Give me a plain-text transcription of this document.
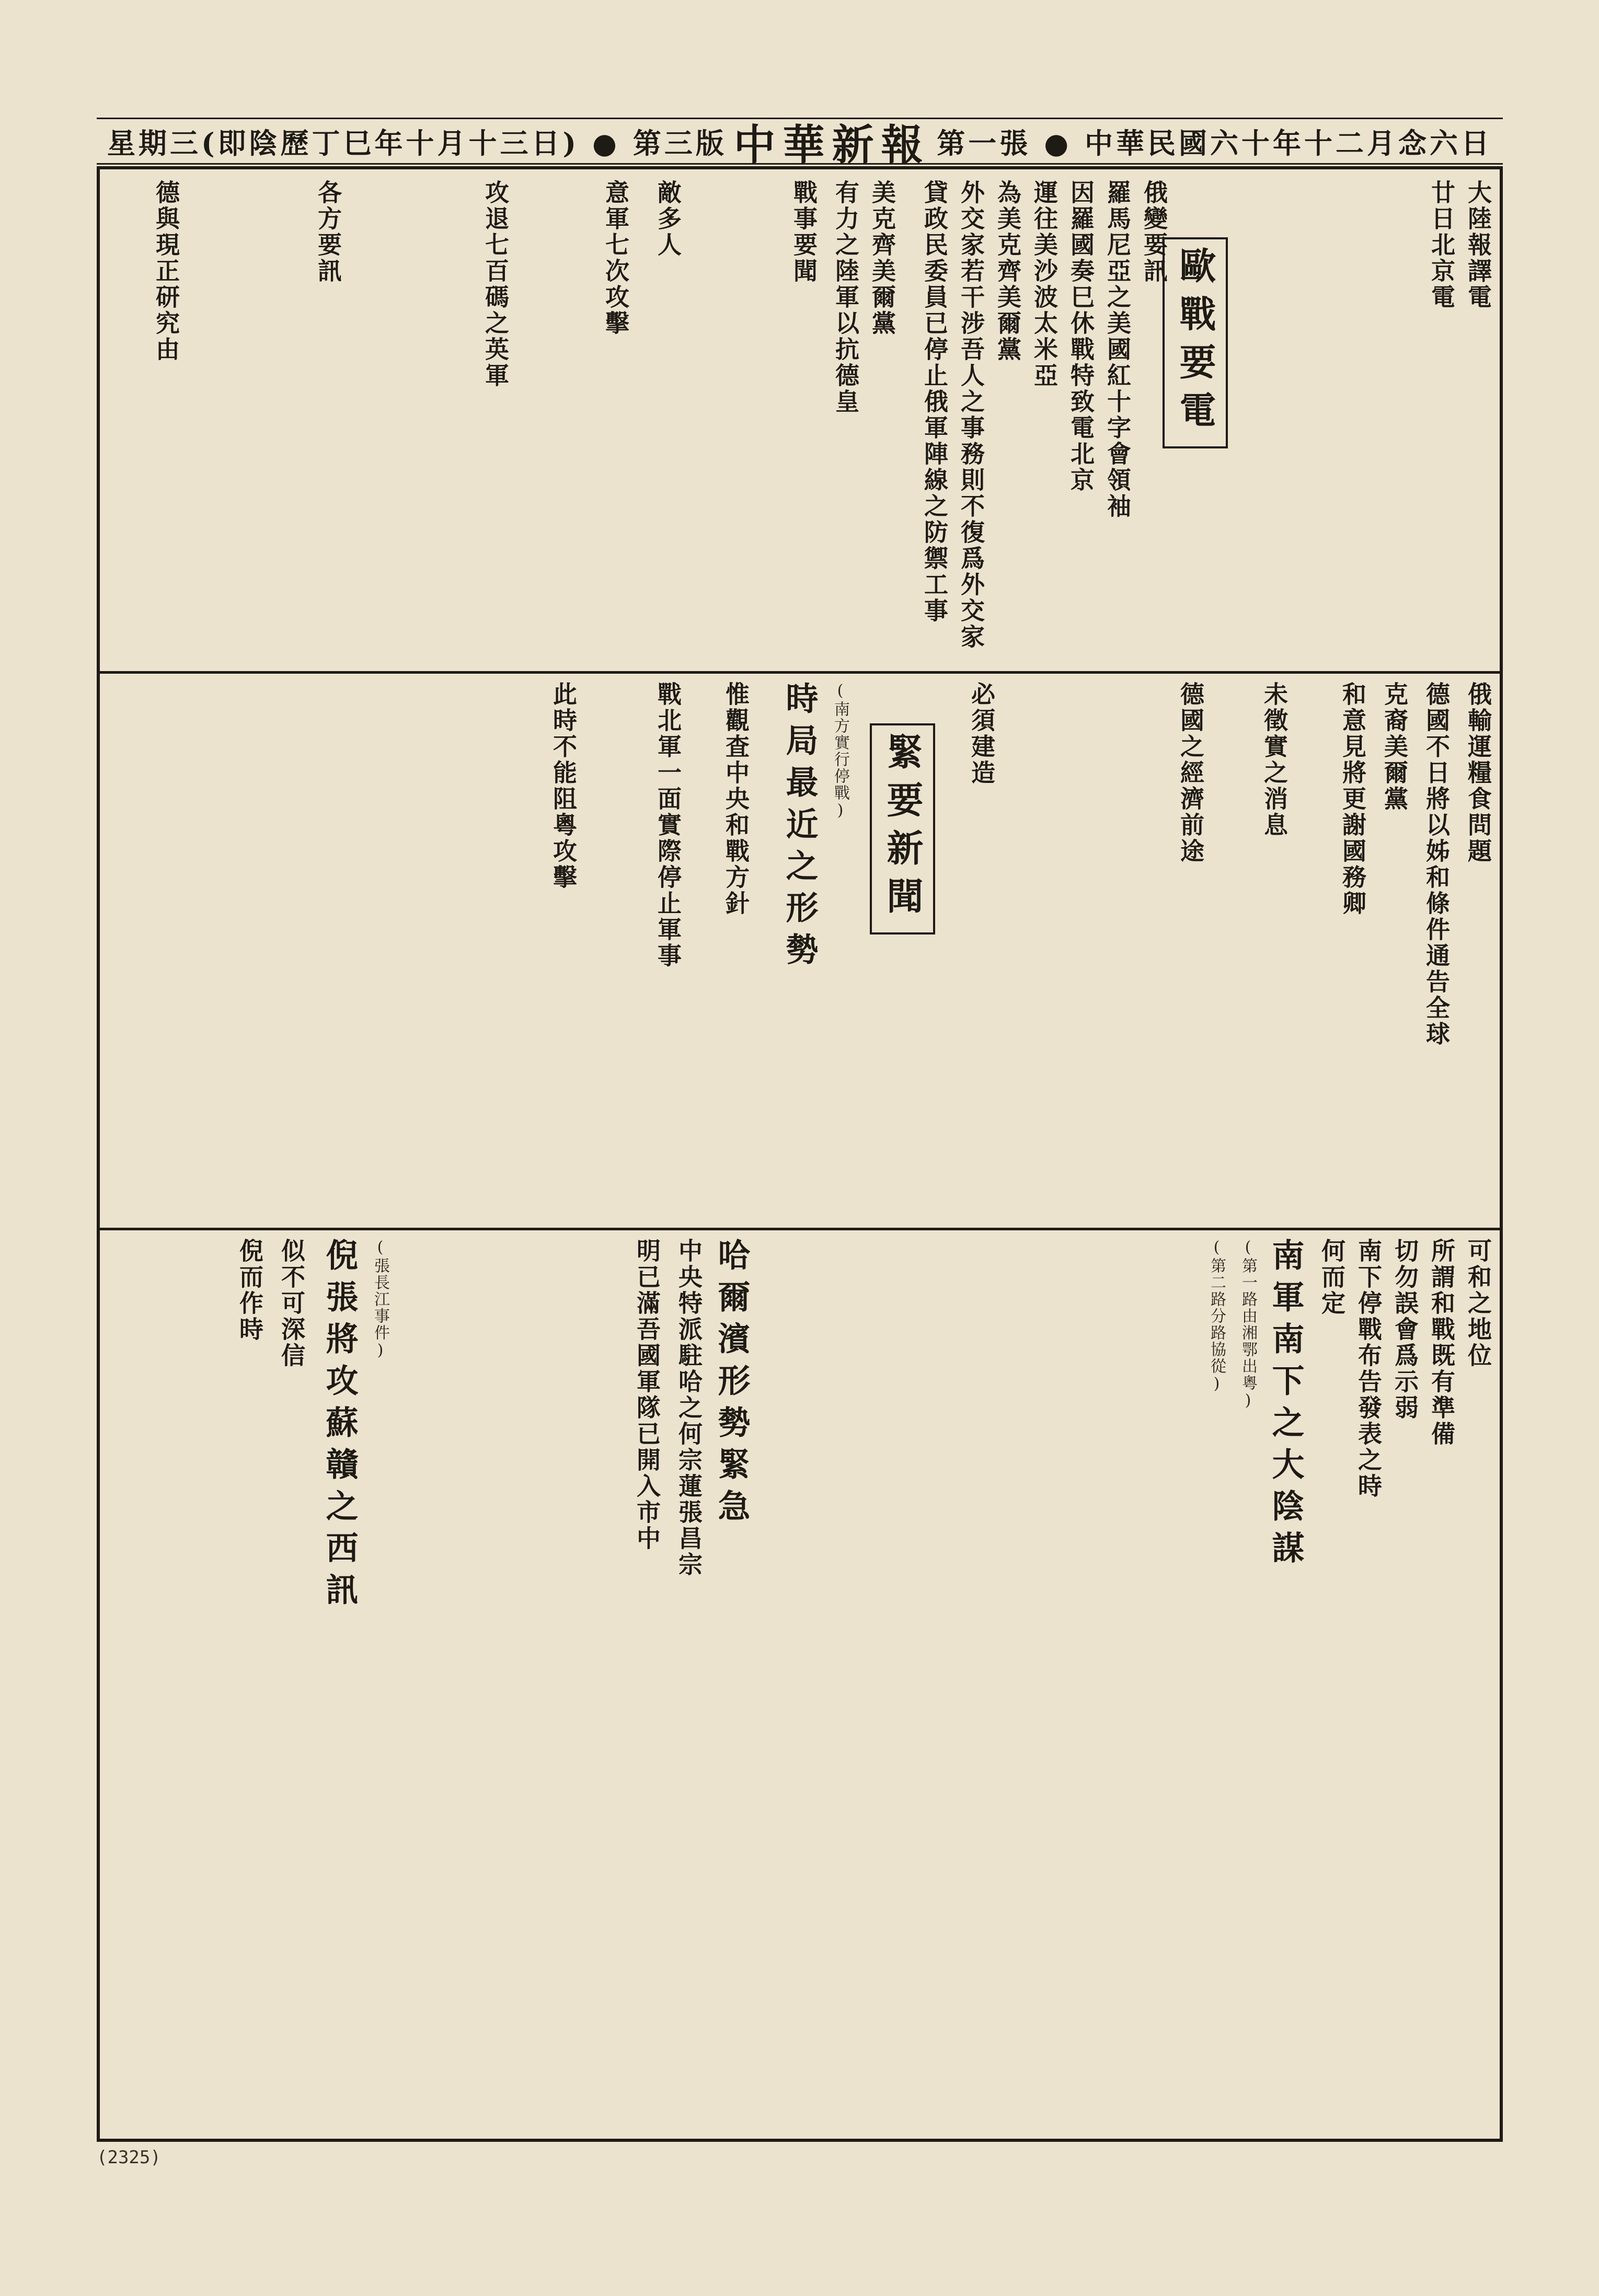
星期三(即陰歷丁巳年十月十三日) ● 第三版 中華新報 第一張 ● 中華民國六十年十二月念六日
大陸報譯電
廿日北京電
歐戰要電
俄變要訊
羅馬尼亞之美國紅十字會領袖
因羅國奏巳休戰特致電北京
運往美沙波太米亞
為美克齊美爾黨
外交家若干涉吾人之事務則不復爲外交家
貸政民委員已停止俄軍陣線之防禦工事
美克齊美爾黨
有力之陸軍以抗德皇
戰事要聞
敵多人
意軍七次攻擊
攻退七百碼之英軍
各方要訊
德與現正研究由
俄輸運糧食問題
德國不日將以姊和條件通告全球
克裔美爾黨
和意見將更謝國務卿
未徵實之消息
德國之經濟前途
必須建造
緊要新聞
時局最近之形勢 (南方實行停戰)
惟觀査中央和戰方針
戰北軍一面實際停止軍事
此時不能阻粵攻擊
可和之地位
所謂和戰既有準備
切勿誤會爲示弱
南下停戰布告發表之時
何而定
南軍南下之大陰謀
(第一路由湘鄂出粵)
(第二路分路協從)
哈爾濱形勢緊急
中央特派駐哈之何宗蓮張昌宗
明已滿吾國軍隊已開入市中
倪張將攻蘇贛之西訊 (張長江事件)
似不可深信
倪而作時
(2325)
